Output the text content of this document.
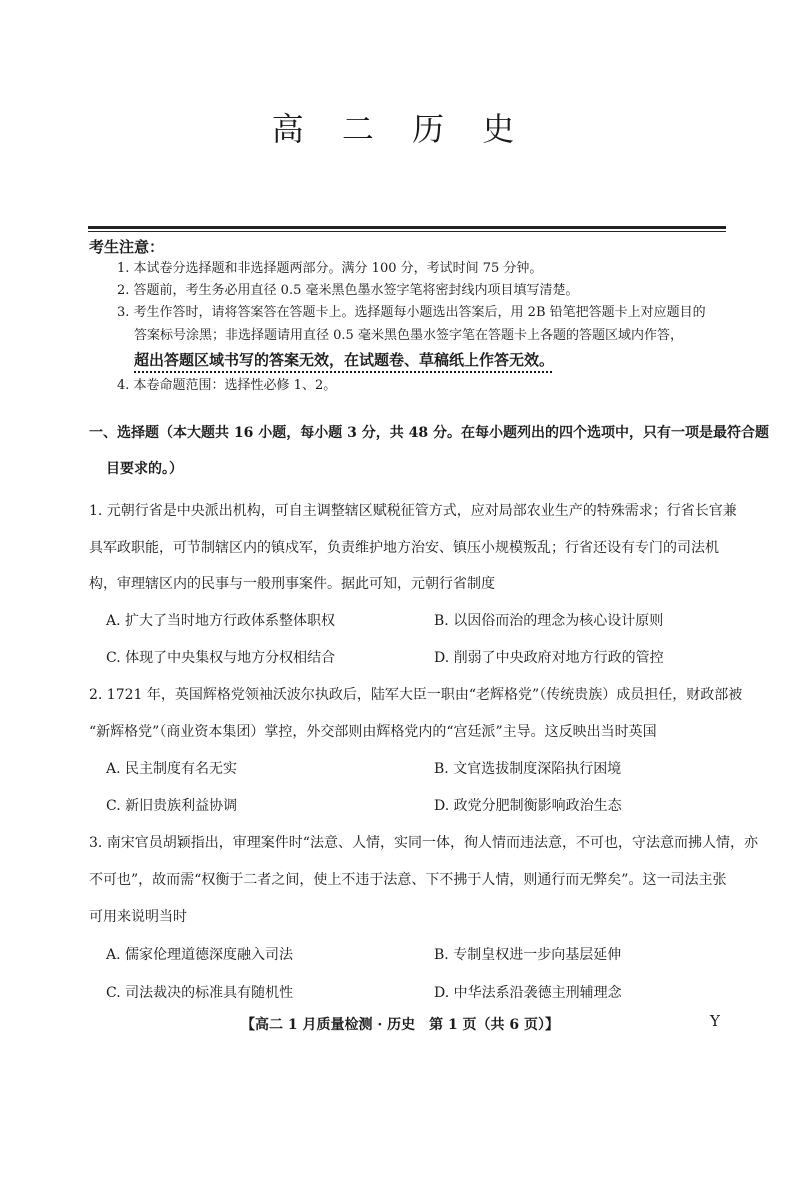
高 二 历 史
考生注意：
1. 本试卷分选择题和非选择题两部分。满分 100 分，考试时间 75 分钟。
2. 答题前，考生务必用直径 0.5 毫米黑色墨水签字笔将密封线内项目填写清楚。
3. 考生作答时，请将答案答在答题卡上。选择题每小题选出答案后，用 2B 铅笔把答题卡上对应题目的
答案标号涂黑；非选择题请用直径 0.5 毫米黑色墨水签字笔在答题卡上各题的答题区域内作答，
超出答题区域书写的答案无效，在试题卷、草稿纸上作答无效。
4. 本卷命题范围：选择性必修 1、2。
一、选择题（本大题共 16 小题，每小题 3 分，共 48 分。在每小题列出的四个选项中，只有一项是最符合题
目要求的。）
1. 元朝行省是中央派出机构，可自主调整辖区赋税征管方式，应对局部农业生产的特殊需求；行省长官兼
具军政职能，可节制辖区内的镇戍军，负责维护地方治安、镇压小规模叛乱；行省还设有专门的司法机
构，审理辖区内的民事与一般刑事案件。据此可知，元朝行省制度
A. 扩大了当时地方行政体系整体职权	B. 以因俗而治的理念为核心设计原则
C. 体现了中央集权与地方分权相结合	D. 削弱了中央政府对地方行政的管控
2. 1721 年，英国辉格党领袖沃波尔执政后，陆军大臣一职由“老辉格党”（传统贵族）成员担任，财政部被
“新辉格党”（商业资本集团）掌控，外交部则由辉格党内的“宫廷派”主导。这反映出当时英国
A. 民主制度有名无实	B. 文官选拔制度深陷执行困境
C. 新旧贵族利益协调	D. 政党分肥制衡影响政治生态
3. 南宋官员胡颖指出，审理案件时“法意、人情，实同一体，徇人情而违法意，不可也，守法意而拂人情，亦
不可也”，故而需“权衡于二者之间，使上不违于法意、下不拂于人情，则通行而无弊矣”。这一司法主张
可用来说明当时
A. 儒家伦理道德深度融入司法	B. 专制皇权进一步向基层延伸
C. 司法裁决的标准具有随机性	D. 中华法系沿袭德主刑辅理念
【高二 1 月质量检测 · 历史　第 1 页（共 6 页）】	Y
